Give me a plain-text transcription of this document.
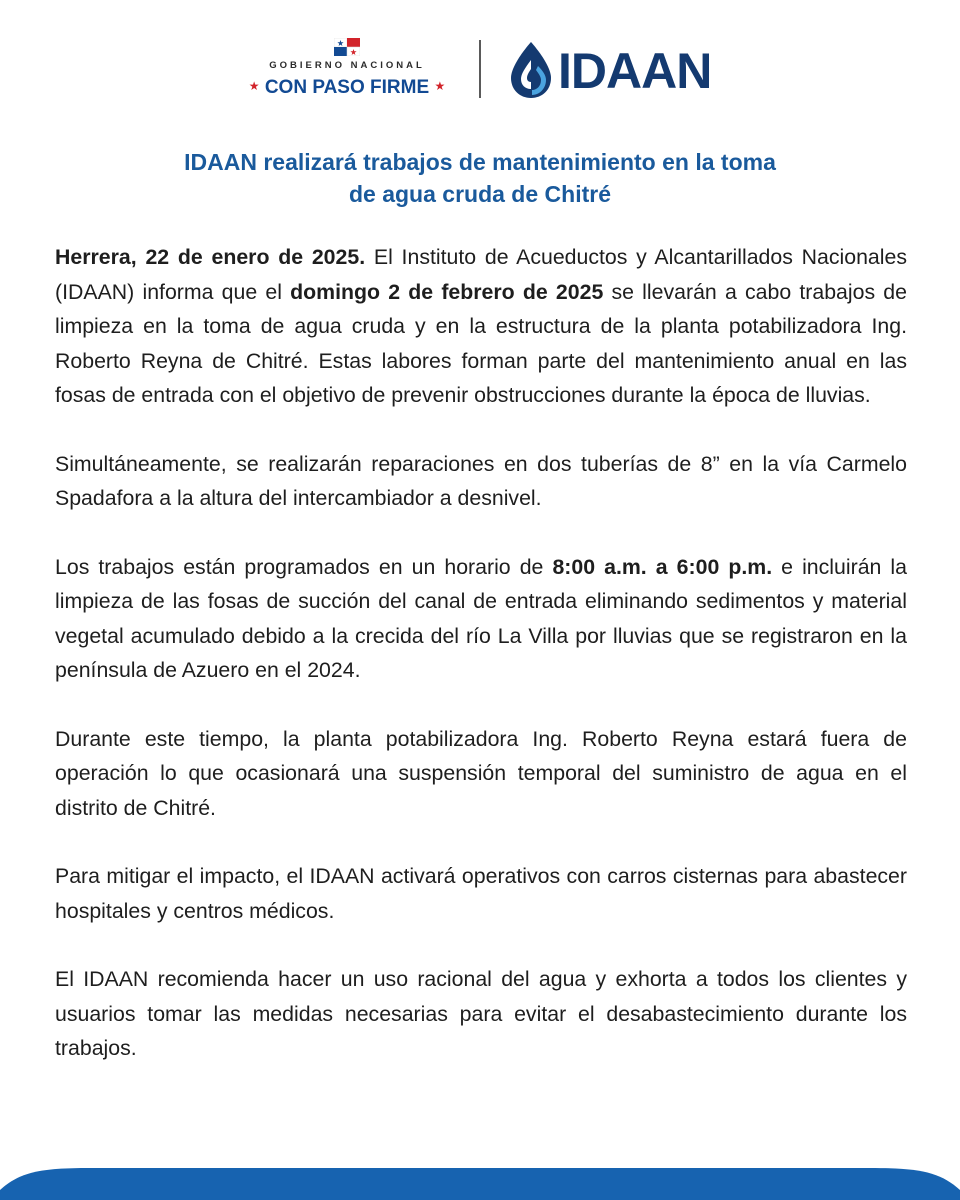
GOBIERNO NACIONAL
★ CON PASO FIRME ★ IDAAN
IDAAN realizará trabajos de mantenimiento en la toma
de agua cruda de Chitré

Herrera, 22 de enero de 2025. El Instituto de Acueductos y Alcantarillados Nacionales (IDAAN) informa que el domingo 2 de febrero de 2025 se llevarán a cabo trabajos de limpieza en la toma de agua cruda y en la estructura de la planta potabilizadora Ing. Roberto Reyna de Chitré. Estas labores forman parte del mantenimiento anual en las fosas de entrada con el objetivo de prevenir obstrucciones durante la época de lluvias.

Simultáneamente, se realizarán reparaciones en dos tuberías de 8” en la vía Carmelo Spadafora a la altura del intercambiador a desnivel.

Los trabajos están programados en un horario de 8:00 a.m. a 6:00 p.m. e incluirán la limpieza de las fosas de succión del canal de entrada eliminando sedimentos y material vegetal acumulado debido a la crecida del río La Villa por lluvias que se registraron en la península de Azuero en el 2024.

Durante este tiempo, la planta potabilizadora Ing. Roberto Reyna estará fuera de operación lo que ocasionará una suspensión temporal del suministro de agua en el distrito de Chitré.

Para mitigar el impacto, el IDAAN activará operativos con carros cisternas para abastecer hospitales y centros médicos.

El IDAAN recomienda hacer un uso racional del agua y exhorta a todos los clientes y usuarios tomar las medidas necesarias para evitar el desabastecimiento durante los trabajos.
